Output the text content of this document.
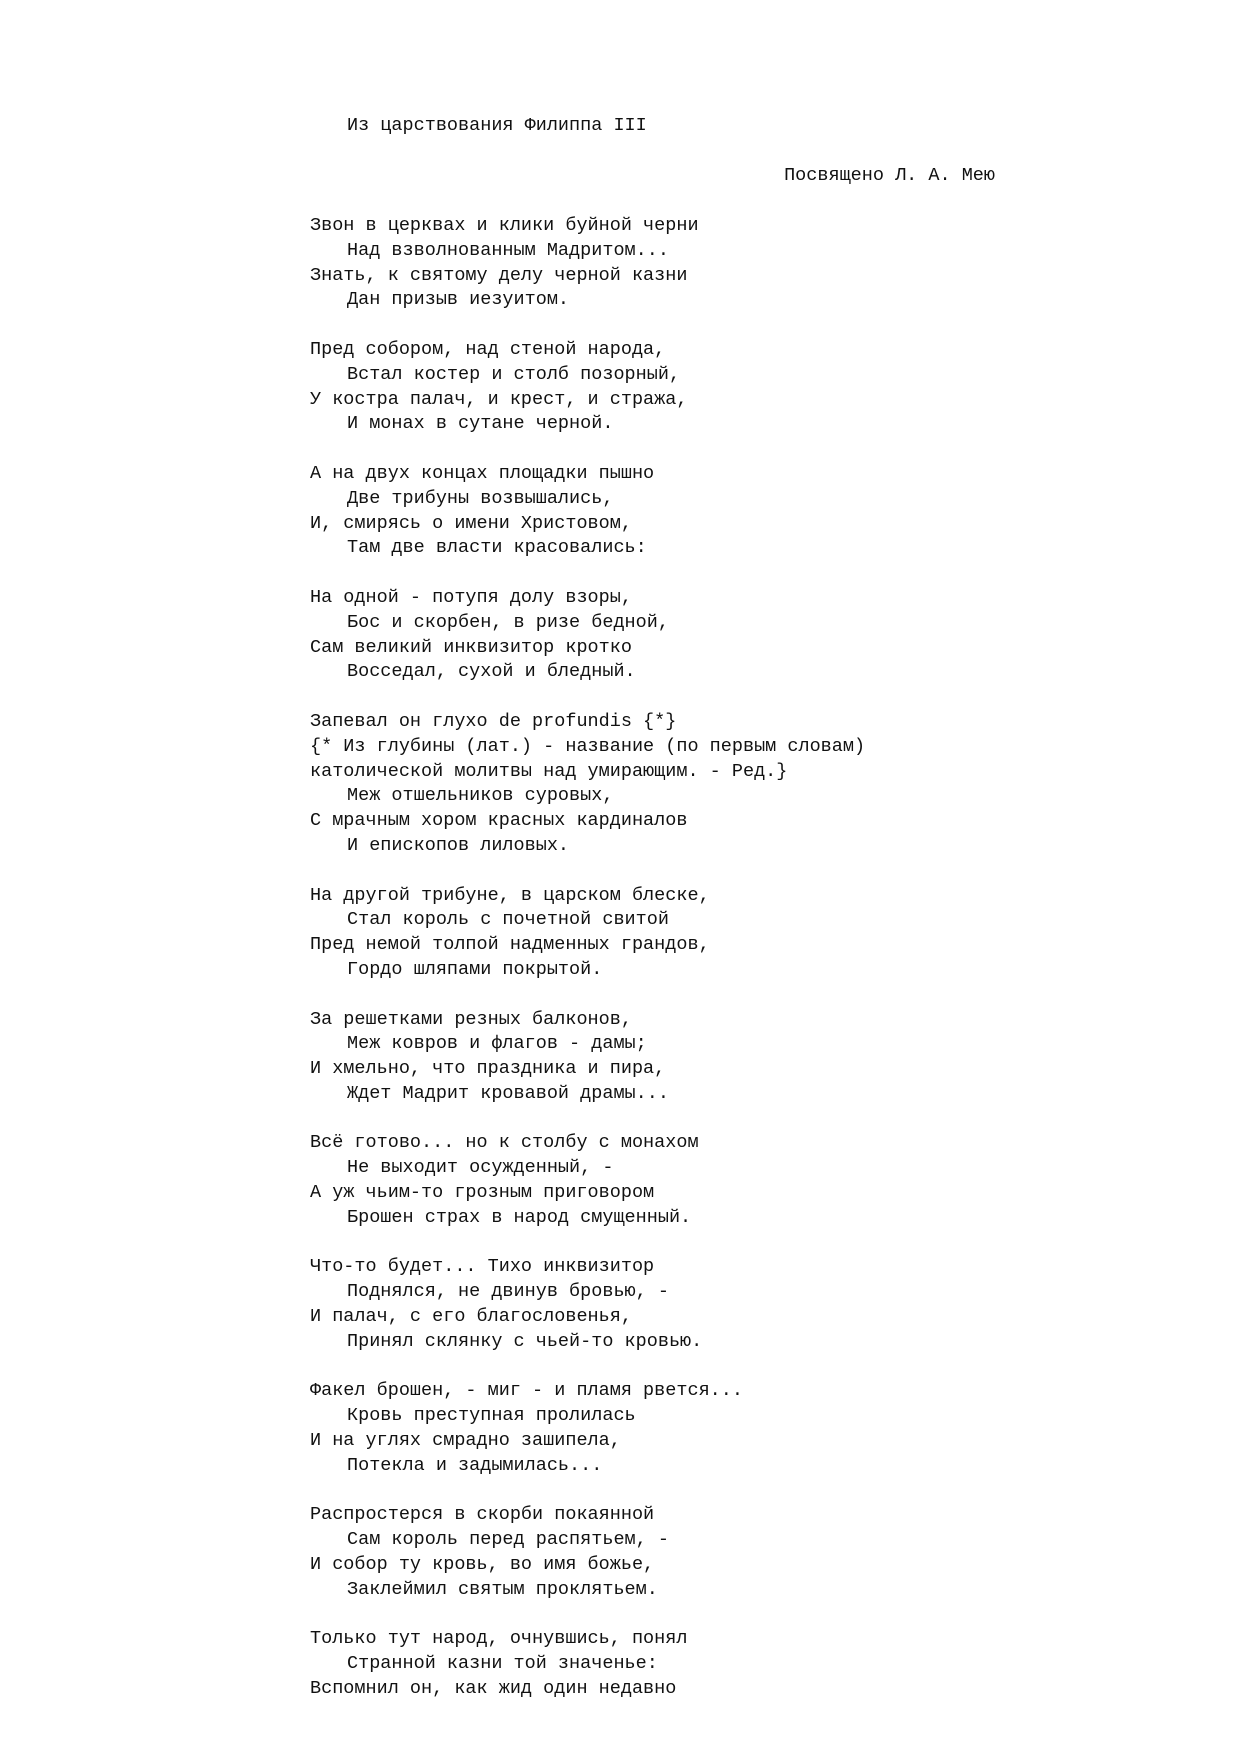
Из царствования Филиппа III
Посвящено Л. А. Мею
Звон в церквах и клики буйной черни
Над взволнованным Мадритом...
Знать, к святому делу черной казни
Дан призыв иезуитом.
Пред собором, над стеной народа,
Встал костер и столб позорный,
У костра палач, и крест, и стража,
И монах в сутане черной.
А на двух концах площадки пышно
Две трибуны возвышались,
И, смирясь о имени Христовом,
Там две власти красовались:
На одной - потупя долу взоры,
Бос и скорбен, в ризе бедной,
Сам великий инквизитор кротко
Восседал, сухой и бледный.
Запевал он глухо de profundis {*}
{* Из глубины (лат.) - название (по первым словам)
католической молитвы над умирающим. - Ред.}
Меж отшельников суровых,
С мрачным хором красных кардиналов
И епископов лиловых.
На другой трибуне, в царском блеске,
Стал король с почетной свитой
Пред немой толпой надменных грандов,
Гордо шляпами покрытой.
За решетками резных балконов,
Меж ковров и флагов - дамы;
И хмельно, что праздника и пира,
Ждет Мадрит кровавой драмы...
Всё готово... но к столбу с монахом
Не выходит осужденный, -
А уж чьим-то грозным приговором
Брошен страх в народ смущенный.
Что-то будет... Тихо инквизитор
Поднялся, не двинув бровью, -
И палач, с его благословенья,
Принял склянку с чьей-то кровью.
Факел брошен, - миг - и пламя рвется...
Кровь преступная пролилась
И на углях смрадно зашипела,
Потекла и задымилась...
Распростерся в скорби покаянной
Сам король перед распятьем, -
И собор ту кровь, во имя божье,
Заклеймил святым проклятьем.
Только тут народ, очнувшись, понял
Странной казни той значенье:
Вспомнил он, как жид один недавно
